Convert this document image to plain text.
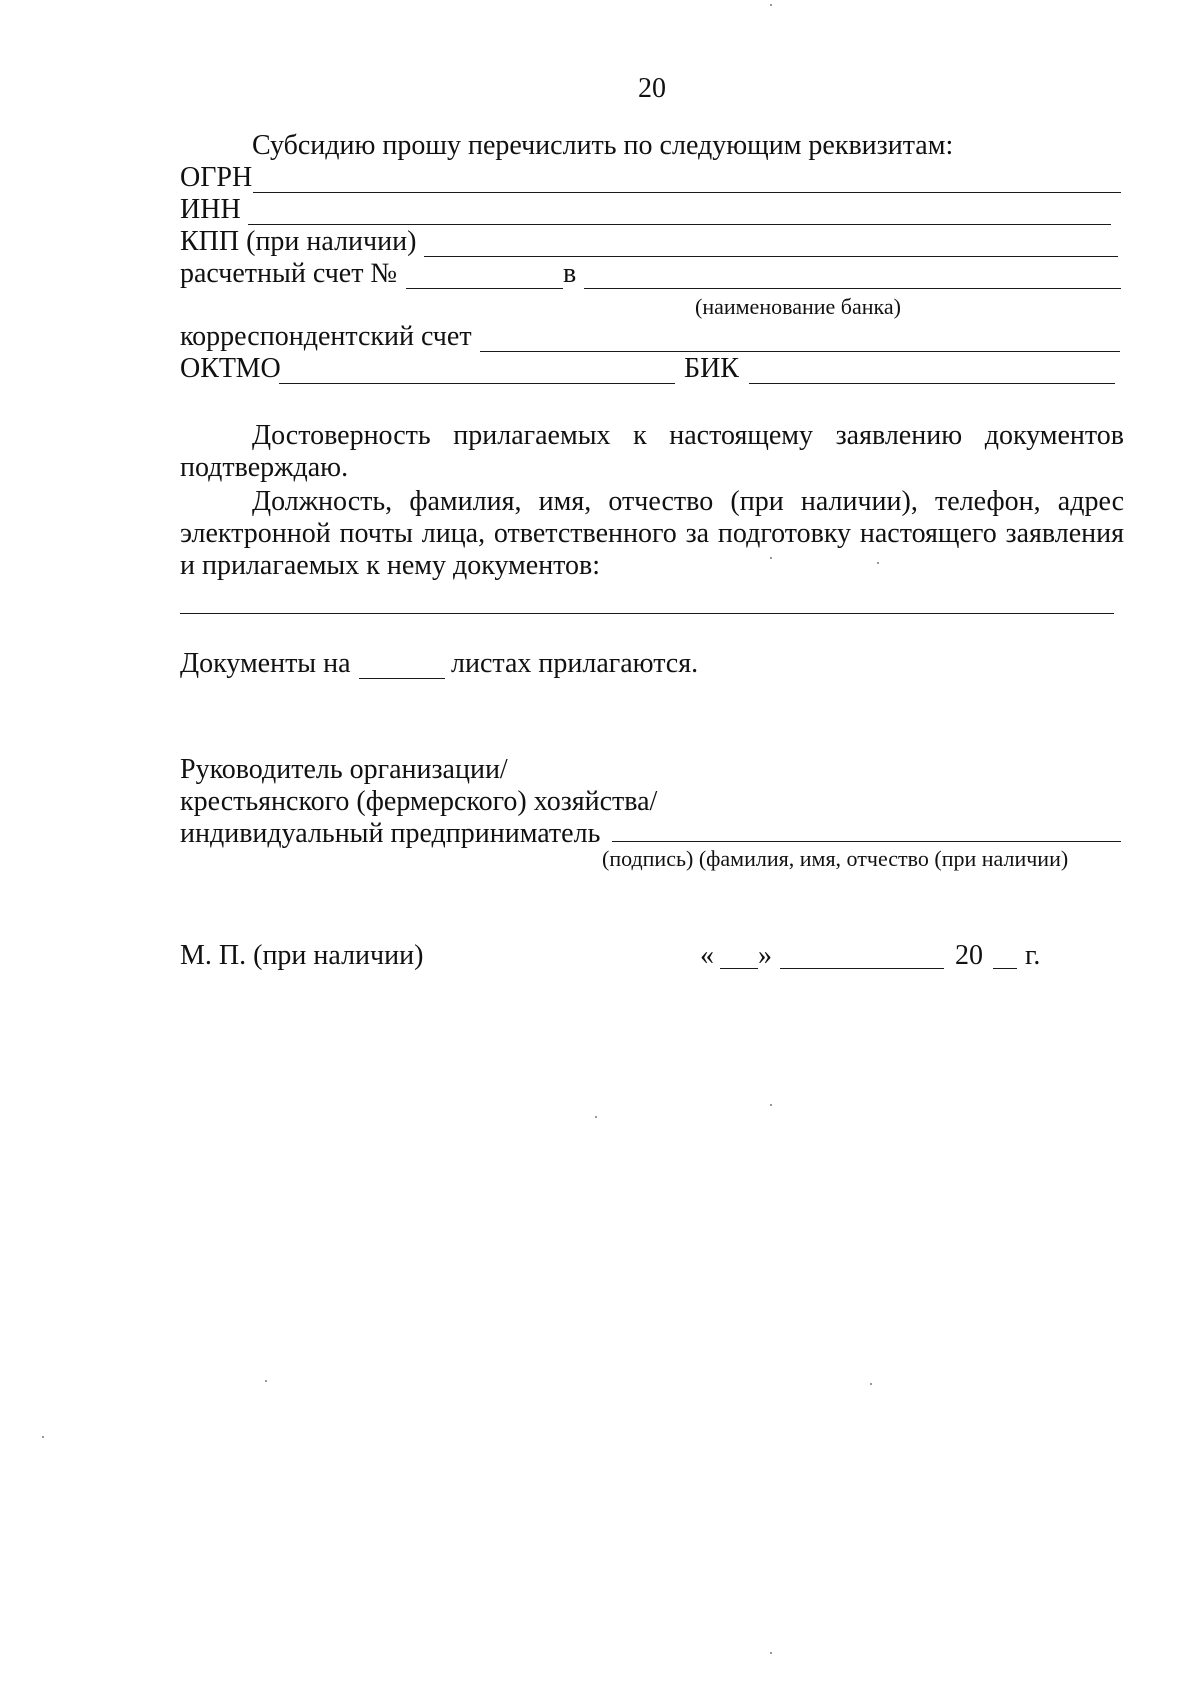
20
Субсидию прошу перечислить по следующим реквизитам:
ОГРН
ИНН
КПП (при наличии)
расчетный счет №	в
(наименование банка)
корреспондентский счет
ОКТМО	БИК
Достоверность прилагаемых к настоящему заявлению документов
подтверждаю.
Должность, фамилия, имя, отчество (при наличии), телефон, адрес
электронной почты лица, ответственного за подготовку настоящего заявления
и прилагаемых к нему документов:
Документы на	листах прилагаются.
Руководитель организации/
крестьянского (фермерского) хозяйства/
индивидуальный предприниматель
(подпись) (фамилия, имя, отчество (при наличии)
М. П. (при наличии)	« »	20 г.
